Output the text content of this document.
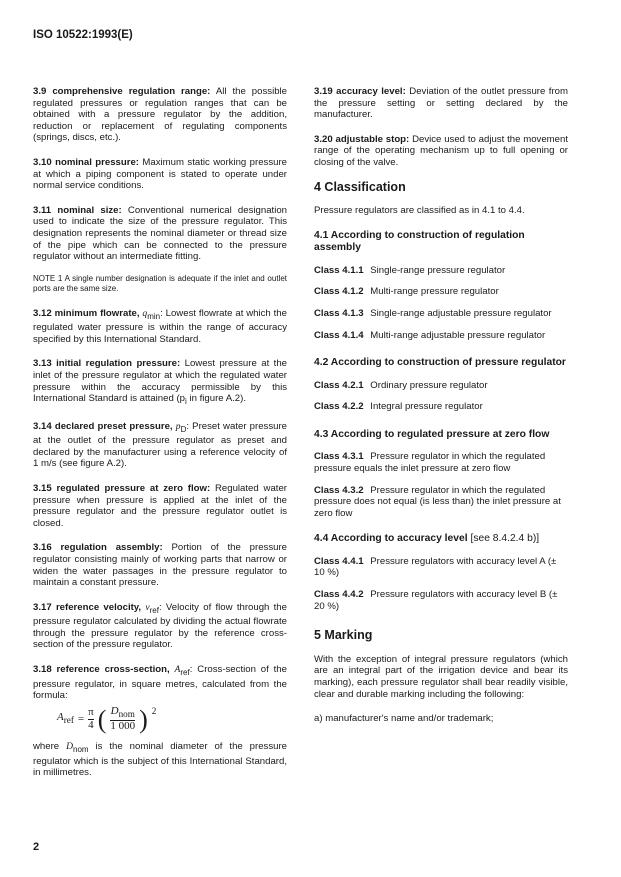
ISO 10522:1993(E)

3.9 comprehensive regulation range: All the possible regulated pressures or regulation ranges that can be obtained with a pressure regulator by the addition, reduction or replacement of regulating components (springs, discs, etc.).

3.10 nominal pressure: Maximum static working pressure at which a piping component is stated to operate under normal service conditions.

3.11 nominal size: Conventional numerical designation used to indicate the size of the pressure regulator. This designation represents the nominal diameter or thread size of the pipe which can be connected to the pressure regulator without an intermediate fitting.

NOTE 1 A single number designation is adequate if the inlet and outlet ports are the same size.

3.12 minimum flowrate, $q_{min}$: Lowest flowrate at which the regulated water pressure is within the range of accuracy specified by this International Standard.

3.13 initial regulation pressure: Lowest pressure at the inlet of the pressure regulator at which the regulated water pressure within the accuracy permissible by this International Standard is attained ($p_i$ in figure A.2).

3.14 declared preset pressure, $p_D$: Preset water pressure at the outlet of the pressure regulator as preset and declared by the manufacturer using a reference velocity of 1 m/s (see figure A.2).

3.15 regulated pressure at zero flow: Regulated water pressure when pressure is applied at the inlet of the pressure regulator and the pressure regulator outlet is closed.

3.16 regulation assembly: Portion of the pressure regulator consisting mainly of working parts that narrow or widen the water passages in the pressure regulator to maintain a constant pressure.

3.17 reference velocity, $v_{ref}$: Velocity of flow through the pressure regulator calculated by dividing the actual flowrate through the pressure regulator by the reference cross-section of the pressure regulator.

3.18 reference cross-section, $A_{ref}$: Cross-section of the pressure regulator, in square metres, calculated from the formula:

$A_{ref}$	=	
π
4	(	$D_{nom}$
1 000	)	$^2$

where $D_{nom}$ is the nominal diameter of the pressure regulator which is the subject of this International Standard, in millimetres.

3.19 accuracy level: Deviation of the outlet pressure from the pressure setting or setting declared by the manufacturer.

3.20 adjustable stop: Device used to adjust the movement range of the operating mechanism up to full opening or closing of the valve.

4 Classification

Pressure regulators are classified as in 4.1 to 4.4.

4.1 According to construction of regulation assembly

Class 4.1.1 Single-range pressure regulator

Class 4.1.2 Multi-range pressure regulator

Class 4.1.3 Single-range adjustable pressure regulator

Class 4.1.4 Multi-range adjustable pressure regulator

4.2 According to construction of pressure regulator

Class 4.2.1 Ordinary pressure regulator

Class 4.2.2 Integral pressure regulator

4.3 According to regulated pressure at zero flow

Class 4.3.1 Pressure regulator in which the regulated pressure equals the inlet pressure at zero flow

Class 4.3.2 Pressure regulator in which the regulated pressure does not equal (is less than) the inlet pressure at zero flow

4.4 According to accuracy level [see 8.4.2.4 b)]

Class 4.4.1 Pressure regulators with accuracy level A (± 10 %)

Class 4.4.2 Pressure regulators with accuracy level B (± 20 %)

5 Marking

With the exception of integral pressure regulators (which are an integral part of the irrigation device and bear its marking), each pressure regulator shall bear readily visible, clear and durable marking including the following:

a) manufacturer's name and/or trademark;

2
